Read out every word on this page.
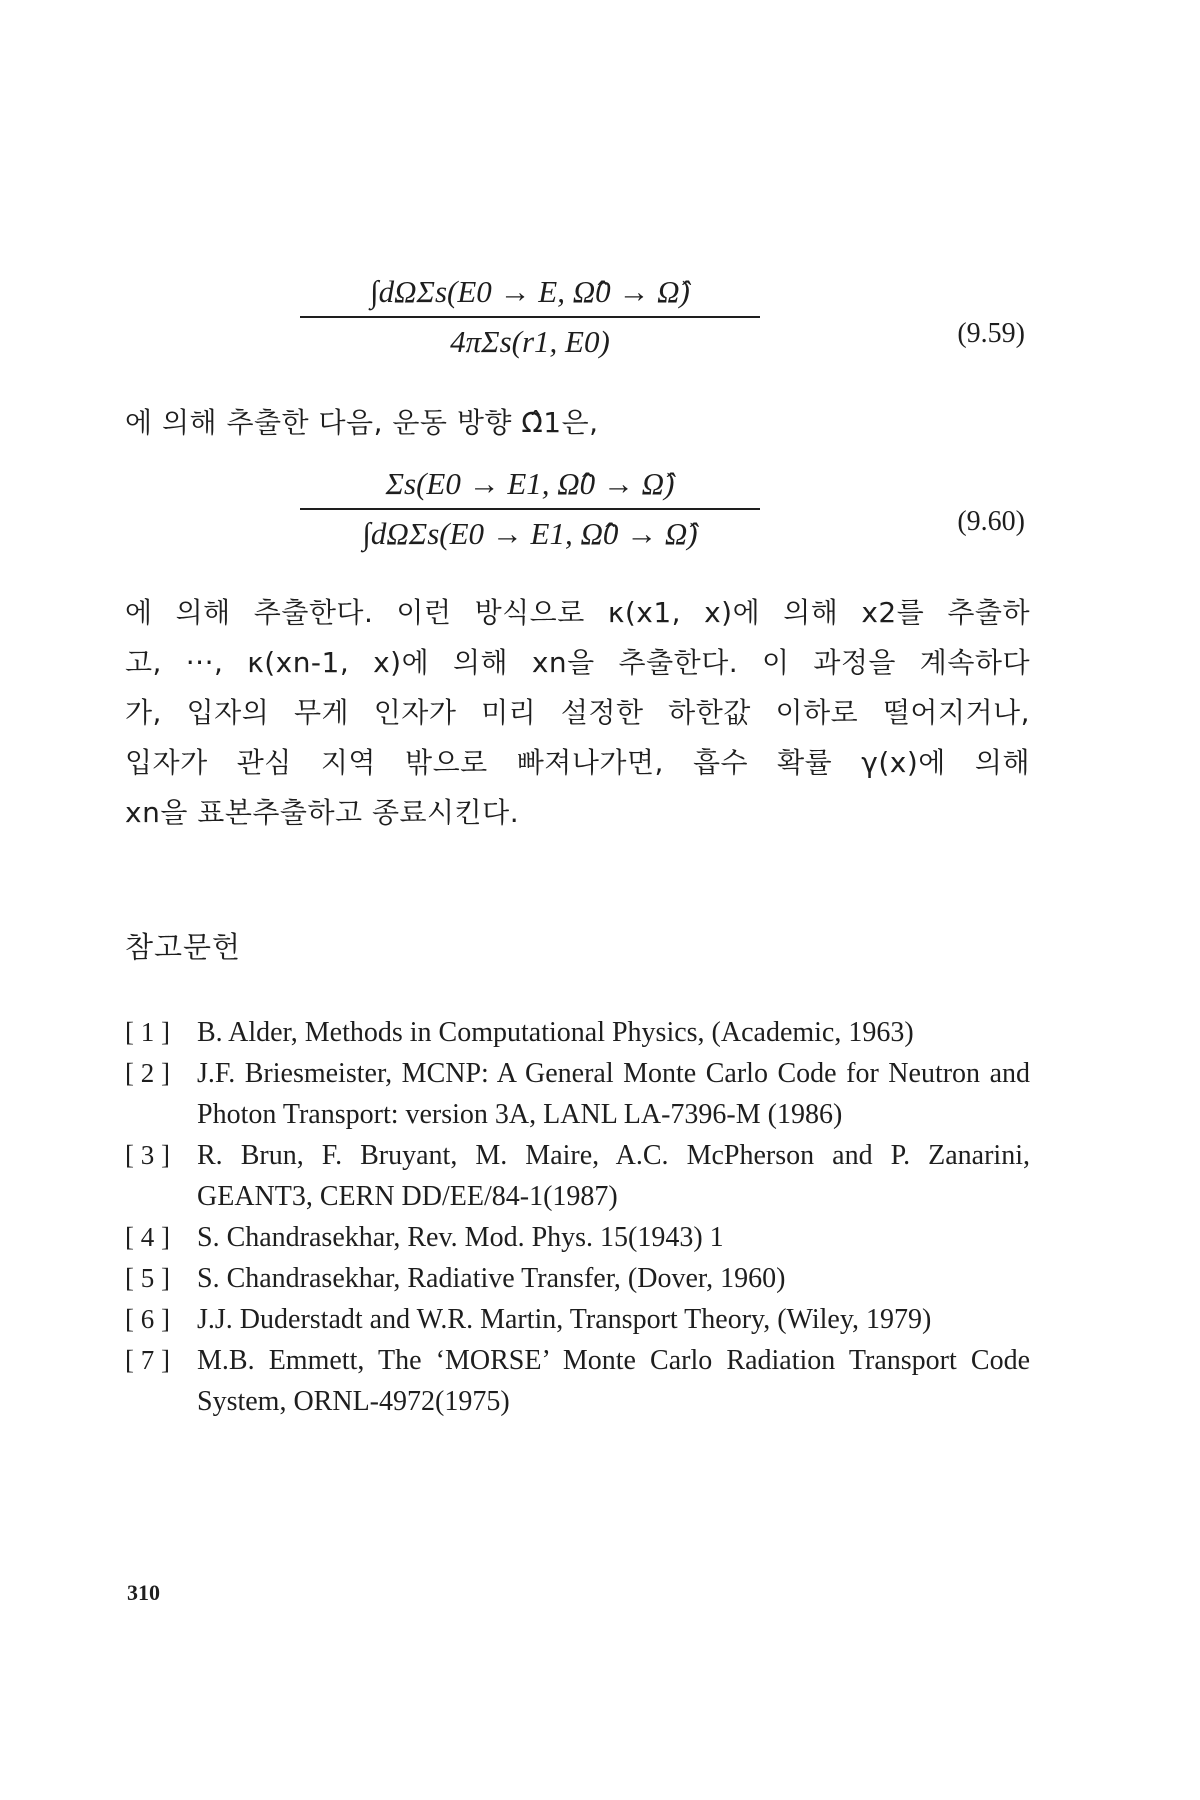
∫dΩΣs(E0 → E, Ω̂0 → Ω̂)
4πΣs(r1, E0)	(9.59)
에 의해 추출한 다음, 운동 방향 Ω̂1은,
Σs(E0 → E1, Ω̂0 → Ω̂)
∫dΩΣs(E0 → E1, Ω̂0 → Ω̂)	(9.60)
에 의해 추출한다. 이런 방식으로 κ(x1, x)에 의해 x2를 추출하
고, ···, κ(xn-1, x)에 의해 xn을 추출한다. 이 과정을 계속하다
가, 입자의 무게 인자가 미리 설정한 하한값 이하로 떨어지거나,
입자가 관심 지역 밖으로 빠져나가면, 흡수 확률 γ(x)에 의해
xn을 표본추출하고 종료시킨다.
참고문헌
[ 1 ] B. Alder, Methods in Computational Physics, (Academic, 1963)
[ 2 ] J.F. Briesmeister, MCNP: A General Monte Carlo Code for Neutron and Photon Transport: version 3A, LANL LA-7396-M (1986)
[ 3 ] R. Brun, F. Bruyant, M. Maire, A.C. McPherson and P. Zanarini, GEANT3, CERN DD/EE/84-1(1987)
[ 4 ] S. Chandrasekhar, Rev. Mod. Phys. 15(1943) 1
[ 5 ] S. Chandrasekhar, Radiative Transfer, (Dover, 1960)
[ 6 ] J.J. Duderstadt and W.R. Martin, Transport Theory, (Wiley, 1979)
[ 7 ] M.B. Emmett, The ‘MORSE’ Monte Carlo Radiation Transport Code System, ORNL-4972(1975)
310
